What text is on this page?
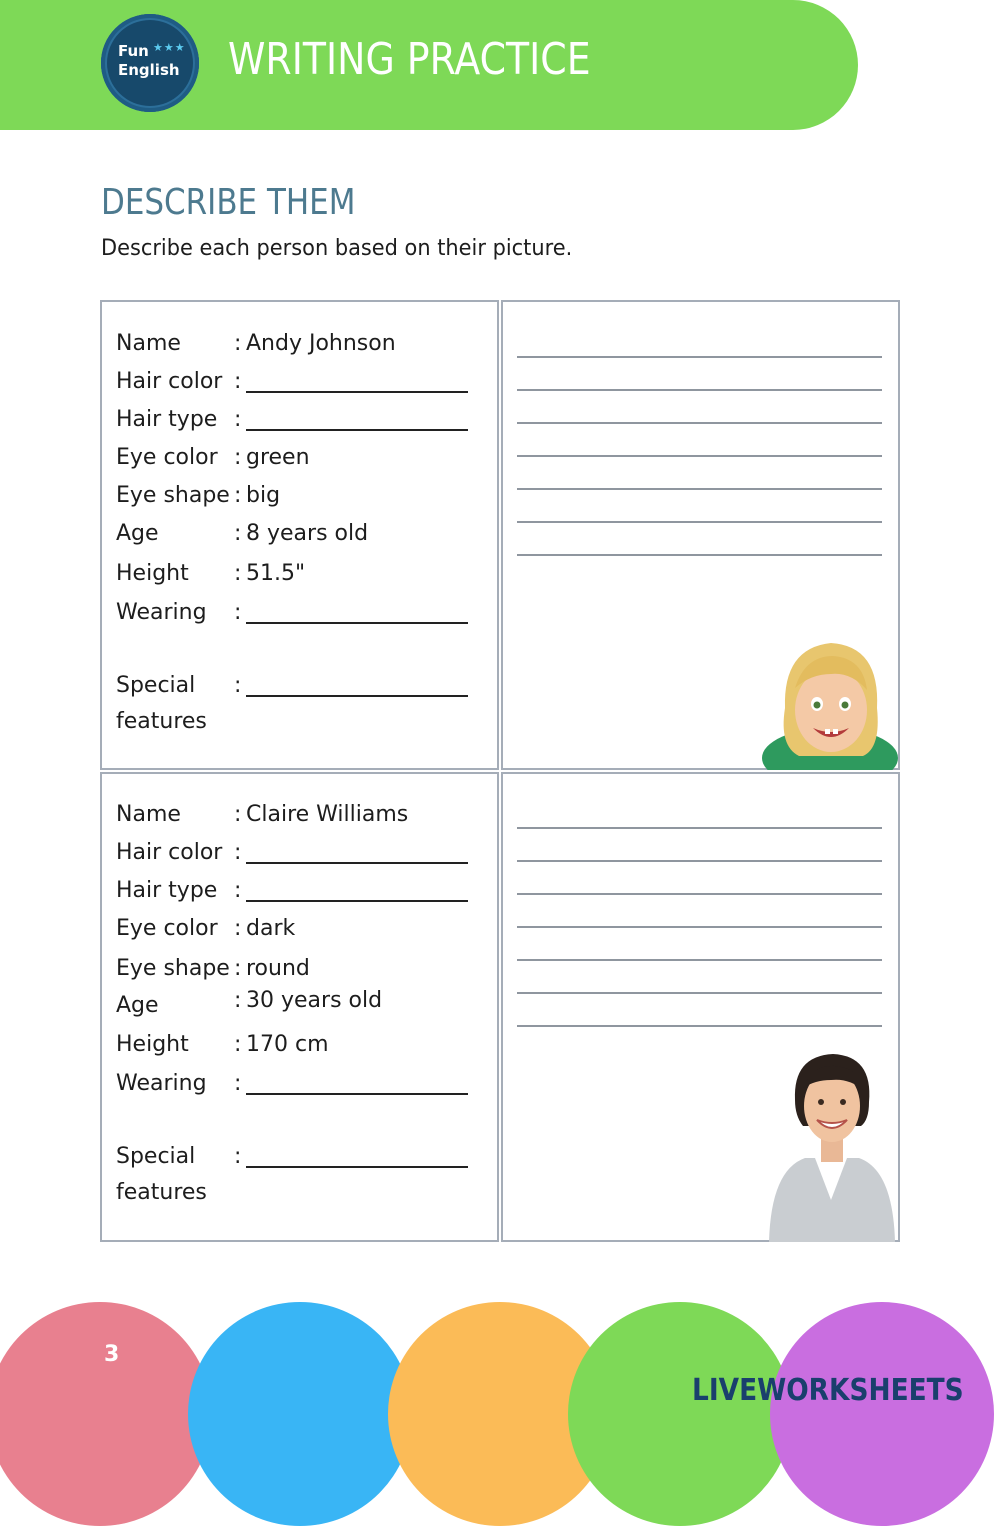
Fun ★★★
English WRITING PRACTICE
DESCRIBE THEM
Describe each person based on their picture.
Name : Andy Johnson
Hair color :
Hair type :
Eye color : green
Eye shape : big
Age	: 8 years old
Height : 51.5"
Wearing :
Special :
features
Name : Claire Williams
Hair color :
Hair type :
Eye color : dark
Eye shape : round
Age	: 30 years old
Height : 170 cm
Wearing :
Special :
features
3
LIVEWORKSHEETS
